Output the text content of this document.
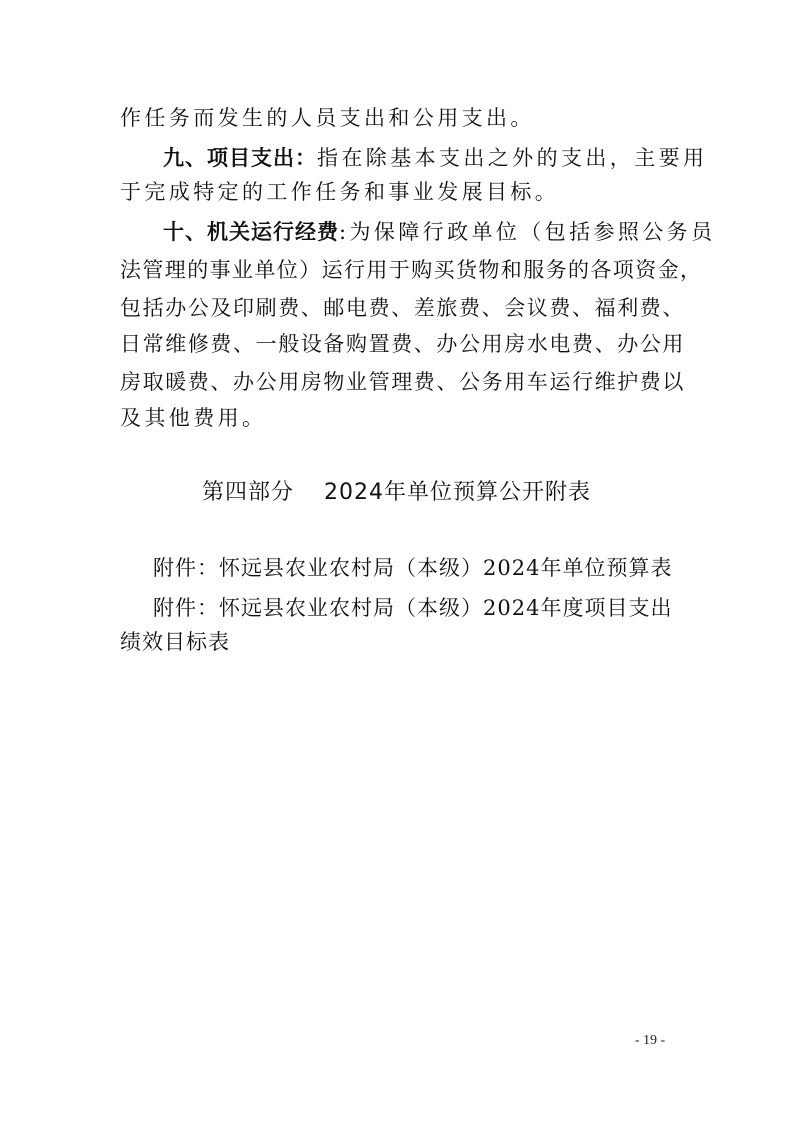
作任务而发生的人员支出和公用支出。
九、项目支出：指在除基本支出之外的支出，主要用
于完成特定的工作任务和事业发展目标。
十、机关运行经费:为保障行政单位（包括参照公务员
法管理的事业单位）运行用于购买货物和服务的各项资金，
包括办公及印刷费、邮电费、差旅费、会议费、福利费、
日常维修费、一般设备购置费、办公用房水电费、办公用
房取暖费、办公用房物业管理费、公务用车运行维护费以
及其他费用。
第四部分 2024年单位预算公开附表
附件：怀远县农业农村局（本级）2024年单位预算表
附件：怀远县农业农村局（本级）2024年度项目支出
绩效目标表
- 19 -
